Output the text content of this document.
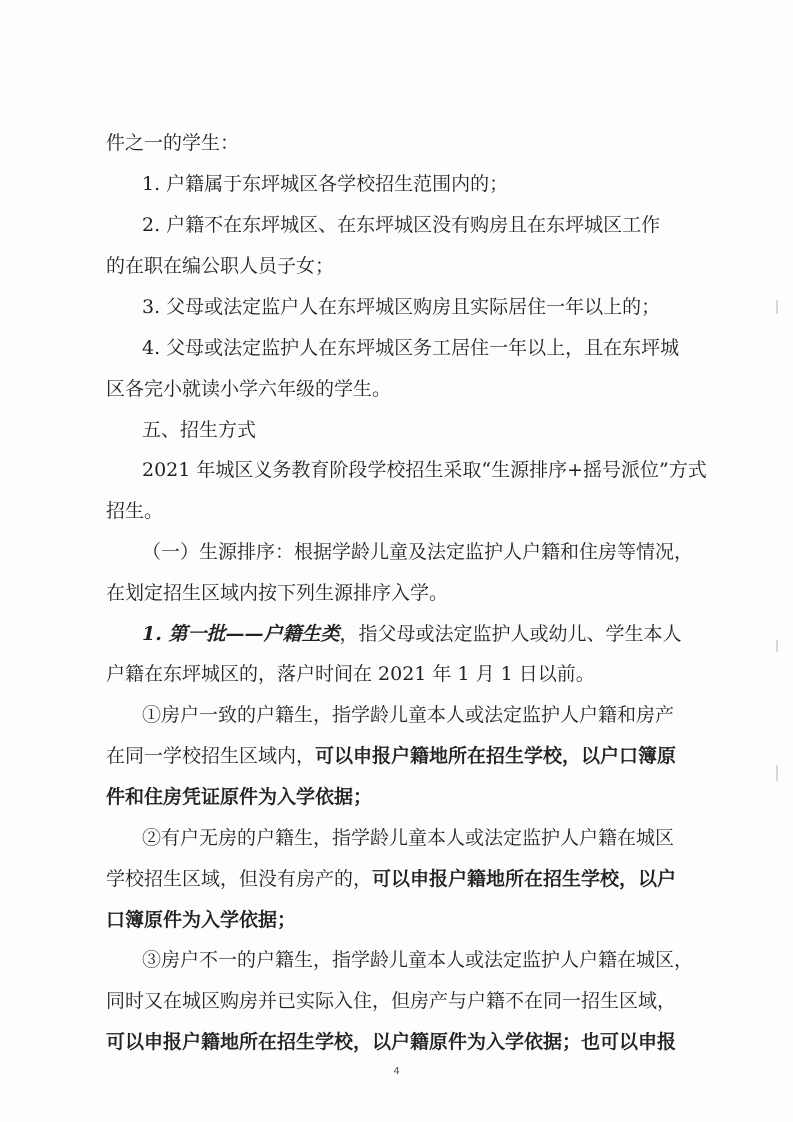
件之一的学生：
1. 户籍属于东坪城区各学校招生范围内的；
2. 户籍不在东坪城区、在东坪城区没有购房且在东坪城区工作
的在职在编公职人员子女；
3. 父母或法定监户人在东坪城区购房且实际居住一年以上的；
4. 父母或法定监护人在东坪城区务工居住一年以上，且在东坪城
区各完小就读小学六年级的学生。
五、招生方式
2021 年城区义务教育阶段学校招生采取“生源排序+摇号派位”方式
招生。
（一）生源排序：根据学龄儿童及法定监护人户籍和住房等情况，
在划定招生区域内按下列生源排序入学。
1. 第一批——户籍生类，指父母或法定监护人或幼儿、学生本人
户籍在东坪城区的，落户时间在 2021 年 1 月 1 日以前。
①房户一致的户籍生，指学龄儿童本人或法定监护人户籍和房产
在同一学校招生区域内，可以申报户籍地所在招生学校，以户口簿原
件和住房凭证原件为入学依据；
②有户无房的户籍生，指学龄儿童本人或法定监护人户籍在城区
学校招生区域，但没有房产的，可以申报户籍地所在招生学校，以户
口簿原件为入学依据；
③房户不一的户籍生，指学龄儿童本人或法定监护人户籍在城区，
同时又在城区购房并已实际入住，但房产与户籍不在同一招生区域，
可以申报户籍地所在招生学校，以户籍原件为入学依据；也可以申报
4
